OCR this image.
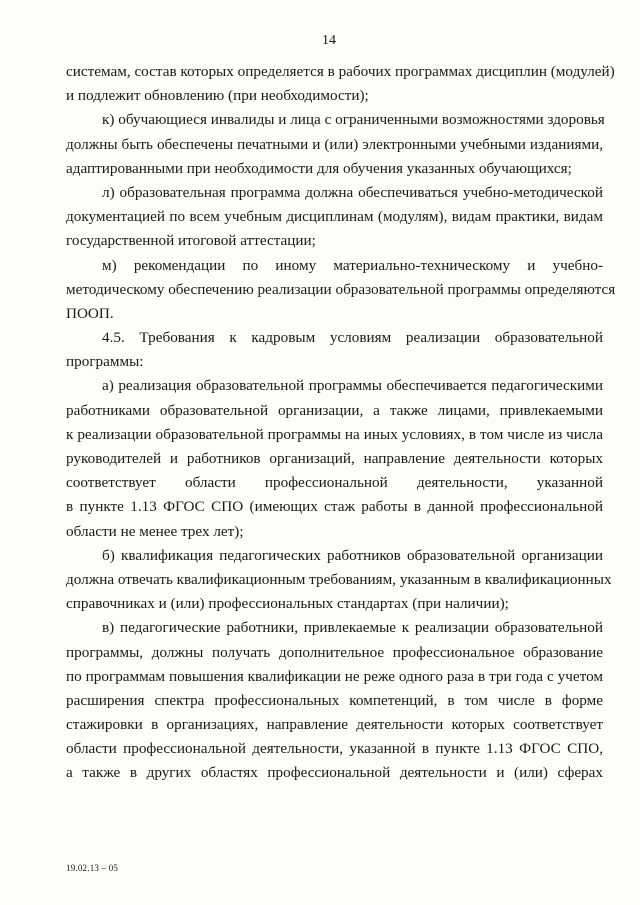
14
системам, состав которых определяется в рабочих программах дисциплин (модулей)
и подлежит обновлению (при необходимости);
к) обучающиеся инвалиды и лица с ограниченными возможностями здоровья
должны быть обеспечены печатными и (или) электронными учебными изданиями,
адаптированными при необходимости для обучения указанных обучающихся;
л) образовательная программа должна обеспечиваться учебно-методической
документацией по всем учебным дисциплинам (модулям), видам практики, видам
государственной итоговой аттестации;
м) рекомендации по иному материально-техническому и учебно-
методическому обеспечению реализации образовательной программы определяются
ПООП.
4.5. Требования к кадровым условиям реализации образовательной
программы:
а) реализация образовательной программы обеспечивается педагогическими
работниками образовательной организации, а также лицами, привлекаемыми
к реализации образовательной программы на иных условиях, в том числе из числа
руководителей и работников организаций, направление деятельности которых
соответствует области профессиональной деятельности, указанной
в пункте 1.13 ФГОС СПО (имеющих стаж работы в данной профессиональной
области не менее трех лет);
б) квалификация педагогических работников образовательной организации
должна отвечать квалификационным требованиям, указанным в квалификационных
справочниках и (или) профессиональных стандартах (при наличии);
в) педагогические работники, привлекаемые к реализации образовательной
программы, должны получать дополнительное профессиональное образование
по программам повышения квалификации не реже одного раза в три года с учетом
расширения спектра профессиональных компетенций, в том числе в форме
стажировки в организациях, направление деятельности которых соответствует
области профессиональной деятельности, указанной в пункте 1.13 ФГОС СПО,
а также в других областях профессиональной деятельности и (или) сферах
19.02.13 – 05
